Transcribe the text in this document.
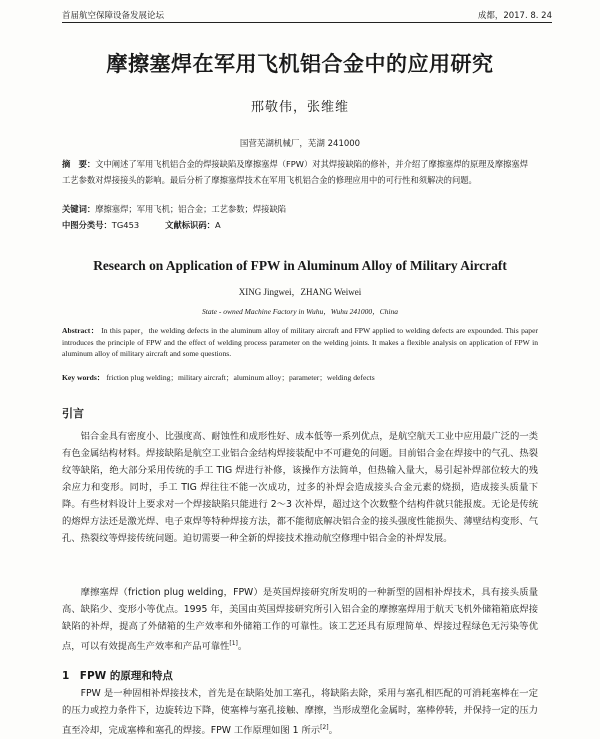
首届航空保障设备发展论坛	成都，2017. 8. 24
摩擦塞焊在军用飞机铝合金中的应用研究
邢敬伟，张维维
国营芜湖机械厂，芜湖 241000
摘　要：文中阐述了军用飞机铝合金的焊接缺陷及摩擦塞焊（FPW）对其焊接缺陷的修补，并介绍了摩擦塞焊的原理及摩擦塞焊工艺参数对焊接接头的影响。最后分析了摩擦塞焊技术在军用飞机铝合金的修理应用中的可行性和须解决的问题。
关键词：摩擦塞焊；军用飞机；铝合金；工艺参数；焊接缺陷
中图分类号：TG453	文献标识码：A
Research on Application of FPW in Aluminum Alloy of Military Aircraft
XING Jingwei，ZHANG Weiwei
State - owned Machine Factory in Wuhu，Wuhu 241000，China
Abstract： In this paper，the welding defects in the aluminum alloy of military aircraft and FPW applied to welding defects are expounded. This paper introduces the principle of FPW and the effect of welding process parameter on the welding joints. It makes a flexible analysis on application of FPW in aluminum alloy of military aircraft and some questions.
Key words： friction plug welding；military aircraft；aluminum alloy；parameter；welding defects
引言
铝合金具有密度小、比强度高、耐蚀性和成形性好、成本低等一系列优点，是航空航天工业中应用最广泛的一类有色金属结构材料。焊接缺陷是航空工业铝合金结构焊接装配中不可避免的问题。目前铝合金在焊接中的气孔、热裂纹等缺陷，绝大部分采用传统的手工 TIG 焊进行补修，该操作方法简单，但热输入量大，易引起补焊部位较大的残余应力和变形。同时，手工 TIG 焊往往不能一次成功，过多的补焊会造成接头合金元素的烧损，造成接头质量下降。有些材料设计上要求对一个焊接缺陷只能进行 2～3 次补焊，超过这个次数整个结构件就只能报废。无论是传统的熔焊方法还是激光焊、电子束焊等特种焊接方法，都不能彻底解决铝合金的接头强度性能损失、薄壁结构变形、气孔、热裂纹等焊接传统问题。迫切需要一种全新的焊接技术推动航空修理中铝合金的补焊发展。
摩擦塞焊（friction plug welding，FPW）是英国焊接研究所发明的一种新型的固相补焊技术，具有接头质量高、缺陷少、变形小等优点。1995 年，美国由英国焊接研究所引入铝合金的摩擦塞焊用于航天飞机外储箱箱底焊接缺陷的补焊，提高了外储箱的生产效率和外储箱工作的可靠性。该工艺还具有原理简单、焊接过程绿色无污染等优点，可以有效提高生产效率和产品可靠性[1]。
1　FPW 的原理和特点
FPW 是一种固相补焊接技术，首先是在缺陷处加工塞孔，将缺陷去除，采用与塞孔相匹配的可消耗塞棒在一定的压力或控力条件下，边旋转边下降，使塞棒与塞孔接触、摩擦，当形成塑化金属时，塞棒停转，并保持一定的压力直至冷却，完成塞棒和塞孔的焊接。FPW 工作原理如图 1 所示[2]。
